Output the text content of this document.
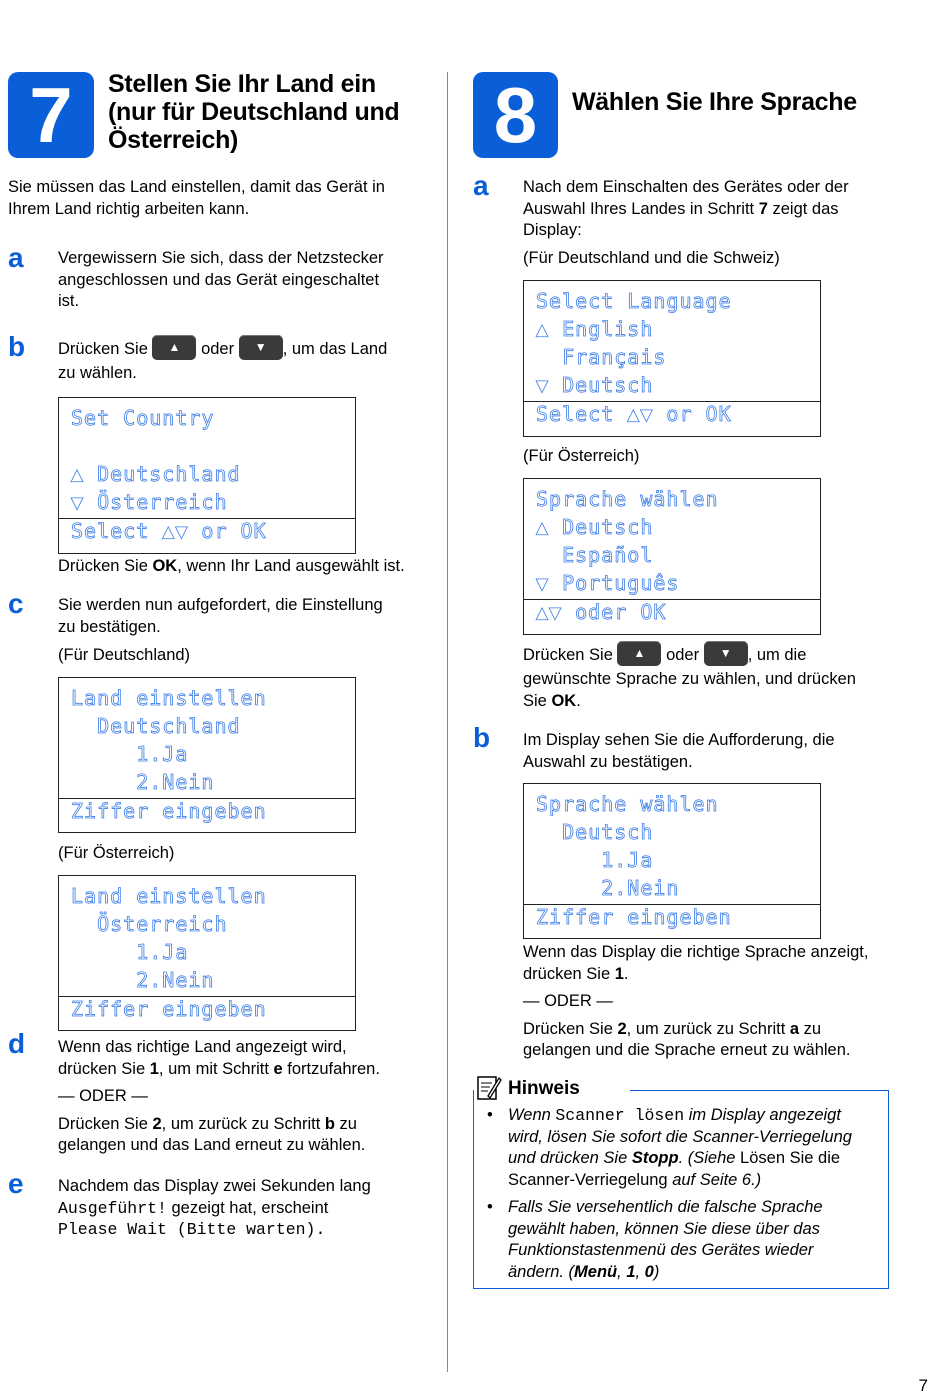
7 Stellen Sie Ihr Land ein
(nur für Deutschland und
Österreich)
Sie müssen das Land einstellen, damit das Gerät in
Ihrem Land richtig arbeiten kann.
a Vergewissern Sie sich, dass der Netzstecker
angeschlossen und das Gerät eingeschaltet
ist.
b Drücken Sie ▲ oder ▼ , um das Land
zu wählen.
Set Country
▲ Deutschland
▼ Österreich
Select ▲▼ or OK
Drücken Sie OK, wenn Ihr Land ausgewählt ist.
c Sie werden nun aufgefordert, die Einstellung
zu bestätigen.
(Für Deutschland)
Land einstellen
Deutschland
1.Ja
2.Nein
Ziffer eingeben
(Für Österreich)
Land einstellen
Österreich
1.Ja
2.Nein
Ziffer eingeben
d Wenn das richtige Land angezeigt wird,
drücken Sie 1, um mit Schritt e fortzufahren.
— ODER —
Drücken Sie 2, um zurück zu Schritt b zu
gelangen und das Land erneut zu wählen.
e Nachdem das Display zwei Sekunden lang
Ausgeführt! gezeigt hat, erscheint
Please Wait (Bitte warten).
8 Wählen Sie Ihre Sprache
a Nach dem Einschalten des Gerätes oder der
Auswahl Ihres Landes in Schritt 7 zeigt das
Display:
(Für Deutschland und die Schweiz)
Select Language
▲ English
Français
▼ Deutsch
Select ▲▼ or OK
(Für Österreich)
Sprache wählen
▲ Deutsch
Español
▼ Português
▲▼ oder OK
Drücken Sie ▲ oder ▼ , um die
gewünschte Sprache zu wählen, und drücken
Sie OK.
b Im Display sehen Sie die Aufforderung, die
Auswahl zu bestätigen.
Sprache wählen
Deutsch
1.Ja
2.Nein
Ziffer eingeben
Wenn das Display die richtige Sprache anzeigt,
drücken Sie 1.
— ODER —
Drücken Sie 2, um zurück zu Schritt a zu
gelangen und die Sprache erneut zu wählen.
Hinweis
• Wenn Scanner lösen im Display angezeigt
wird, lösen Sie sofort die Scanner-Verriegelung
und drücken Sie Stopp. (Siehe Lösen Sie die
Scanner-Verriegelung auf Seite 6.)
• Falls Sie versehentlich die falsche Sprache
gewählt haben, können Sie diese über das
Funktionstastenmenü des Gerätes wieder
ändern. (Menü, 1, 0)
7
